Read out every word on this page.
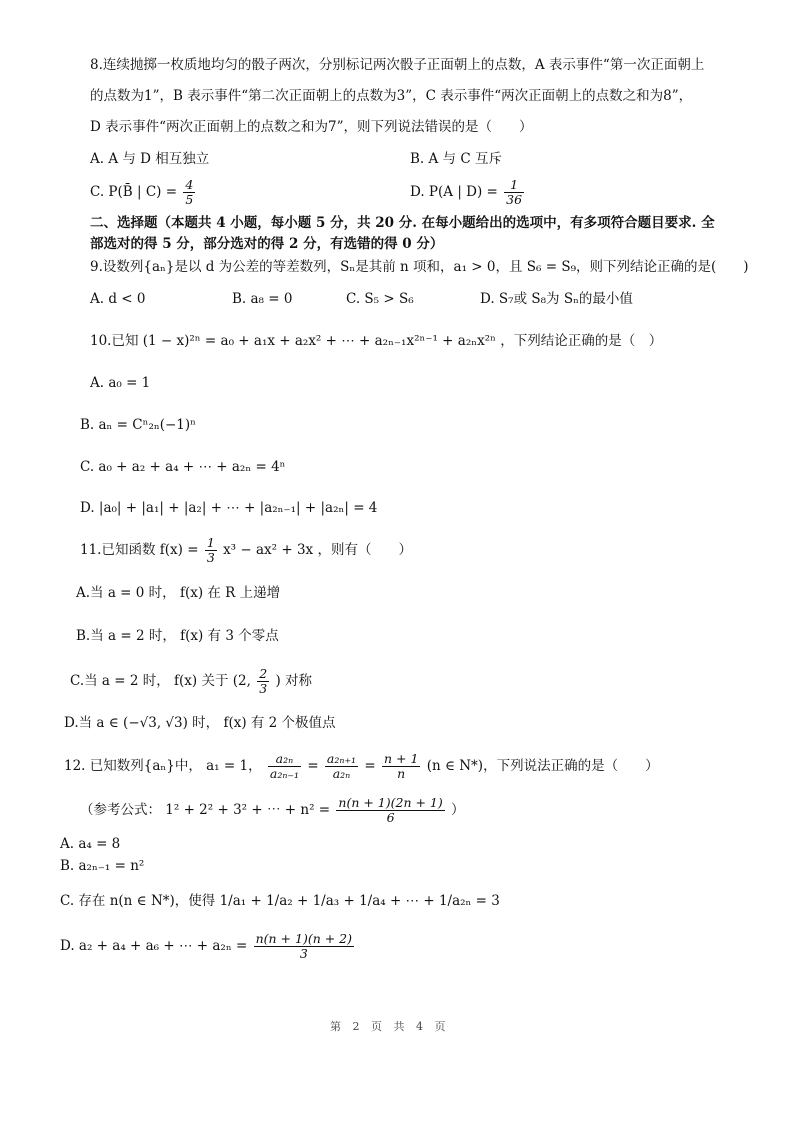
8.连续抛掷一枚质地均匀的骰子两次，分别标记两次骰子正面朝上的点数，A 表示事件“第一次正面朝上
的点数为1”，B 表示事件“第二次正面朝上的点数为3”，C 表示事件“两次正面朝上的点数之和为8”，
D 表示事件“两次正面朝上的点数之和为7”，则下列说法错误的是（　　）
A. A 与 D 相互独立	B. A 与 C 互斥
C. P(B̄ | $C) = \frac{4}{5}$	D. P(A | $D) = \frac{1}{36}$
二、选择题（本题共 4 小题，每小题 5 分，共 20 分. 在每小题给出的选项中，有多项符合题目要求. 全
部选对的得 5 分，部分选对的得 2 分，有选错的得 0 分）
9.设数列{aₙ}是以 d 为公差的等差数列，Sₙ是其前 n 项和，a₁ > 0，且 S₆ = S₉，则下列结论正确的是(　　)
A. d < 0	B. a₈ = 0	C. S₅ > S₆	D. S₇或 S₈为 Sₙ的最小值
10.已知 (1 − x)²ⁿ = a₀ + a₁x + a₂x² + ⋯ + a₂ₙ₋₁x²ⁿ⁻¹ + a₂ₙx²ⁿ ，下列结论正确的是（　）
A. a₀ = 1
B. aₙ = Cⁿ₂ₙ(−1)ⁿ
C. a₀ + a₂ + a₄ + ⋯ + a₂ₙ = 4ⁿ
D. |a₀| + |a₁| + |a₂| + ⋯ + |a₂ₙ₋₁| + |a₂ₙ| = 4
11.已知函数 $f(x) = \frac{1}{3} x^3 - ax^2 + 3x$ ，则有（　　）
A.当 a = 0 时， f(x) 在 R 上递增
B.当 a = 2 时， f(x) 有 3 个零点
C.当 a = 2 时， f(x) 关于 (2, $\frac{2}{3}$ ) 对称
D.当 a ∈ (−√3, √3) 时， f(x) 有 2 个极值点
12. 已知数列{aₙ}中， a₁ = 1， $\frac{\text{a₂ₙ}}{\text{a₂ₙ₋₁}} = \frac{\text{a₂ₙ₊₁}}{\text{a₂ₙ}} = \frac{n + 1}{n} (n$ ∈ N*)，下列说法正确的是（　　）
（参考公式： 1² + 2² + 3² + ⋯ + $n^2 = \frac{n(n + 1)(2n + 1)}{6}$ ）
A. a₄ = 8
B. a₂ₙ₋₁ = n²
C. 存在 n(n ∈ N*)，使得 1/a₁ + 1/a₂ + 1/a₃ + 1/a₄ + ⋯ + 1/a₂ₙ = 3
D. a₂ + a₄ + a₆ + ⋯ + $a_{2n} = \frac{n(n + 1)(n + 2)}{3}$
第 2 页 共 4 页
